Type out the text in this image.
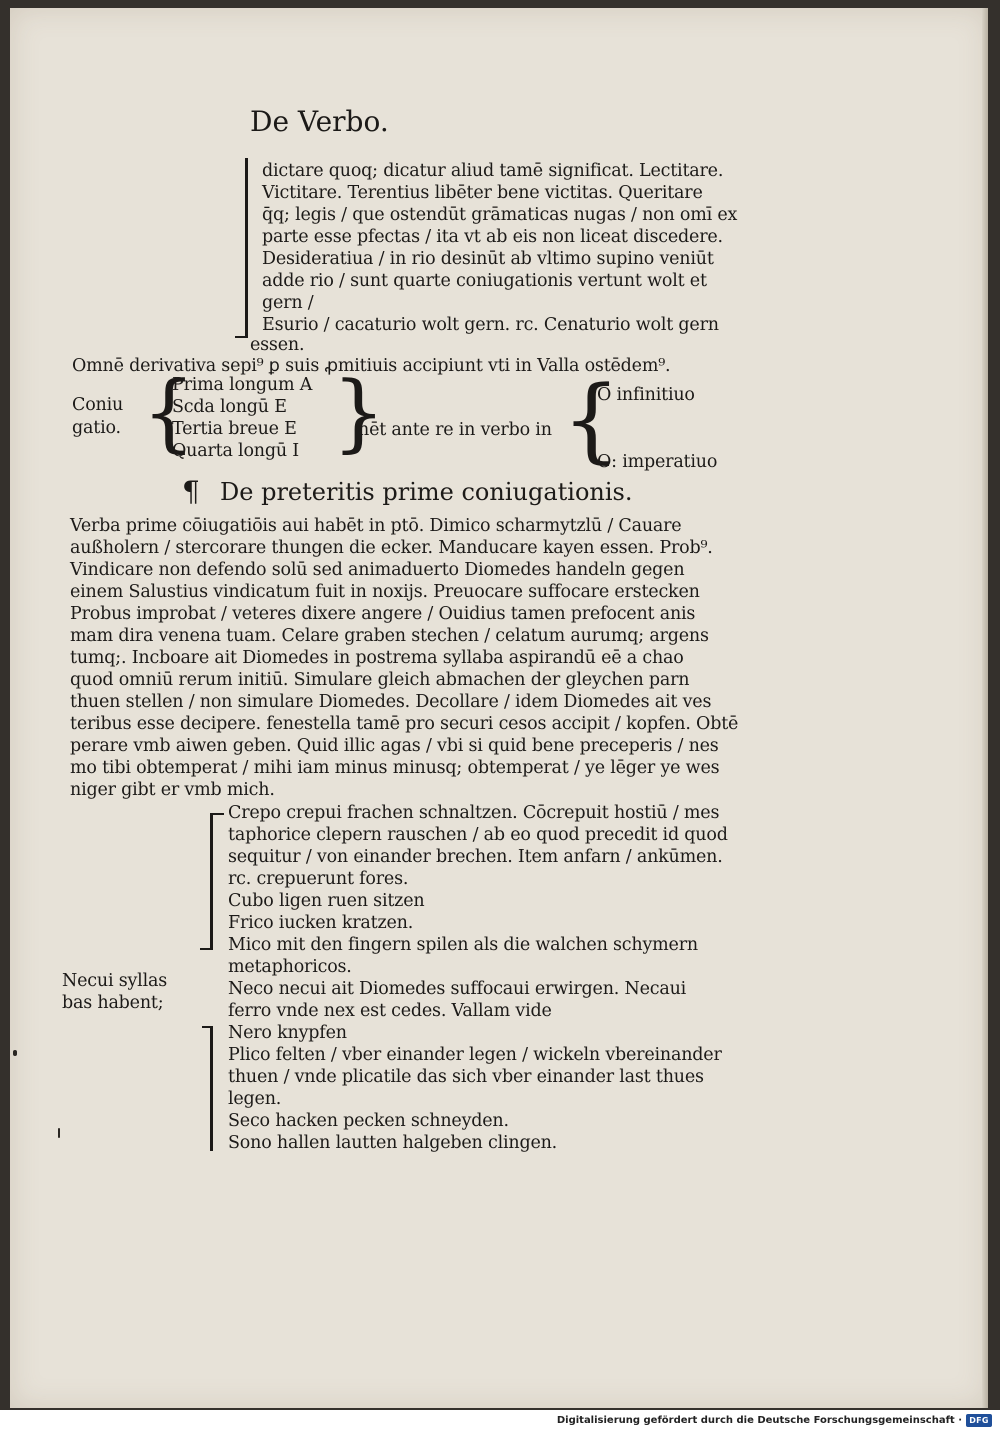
De Verbo.
dictare quoq; dicatur aliud tamē significat. Lectitare.
Victitare. Terentius libēter bene victitas. Queritare
q̄q; legis / que ostendūt grāmaticas nugas / non omī ex
parte esse pfectas / ita vt ab eis non liceat discedere.
Desideratiua / in rio desinūt ab vltimo supino veniūt
adde rio / sunt quarte coniugationis vertunt wolt et
gern /
Esurio / cacaturio wolt gern. rc. Cenaturio wolt gern
essen.
Omnē derivativa sepi⁹ ꝑ suis ꝓmitiuis accipiunt vti in Valla ostēdem⁹.
Coniu
gatio. {
Prima longum A
Scda longū E
Tertia breue E
Quarta longū I }
hēt ante re in verbo in {
O infinitiuo
O: imperatiuo
¶ De preteritis prime coniugationis.
Verba prime cōiugatiōis aui habēt in ptō. Dimico scharmytzlū / Cauare
außholern / stercorare thungen die ecker. Manducare kayen essen. Prob⁹.
Vindicare non defendo solū sed animaduerto Diomedes handeln gegen
einem Salustius vindicatum fuit in noxijs. Preuocare suffocare erstecken
Probus improbat / veteres dixere angere / Ouidius tamen prefocent anis
mam dira venena tuam. Celare graben stechen / celatum aurumq; argens
tumq;. Incboare ait Diomedes in postrema syllaba aspirandū eē a chao
quod omniū rerum initiū. Simulare gleich abmachen der gleychen parn
thuen stellen / non simulare Diomedes. Decollare / idem Diomedes ait ves
teribus esse decipere. fenestella tamē pro securi cesos accipit / kopfen. Obtē
perare vmb aiwen geben. Quid illic agas / vbi si quid bene preceperis / nes
mo tibi obtemperat / mihi iam minus minusq; obtemperat / ye lēger ye wes
niger gibt er vmb mich.
Crepo crepui frachen schnaltzen. Cōcrepuit hostiū / mes
taphorice clepern rauschen / ab eo quod precedit id quod
sequitur / von einander brechen. Item anfarn / ankūmen.
rc. crepuerunt fores.
Cubo ligen ruen sitzen
Frico iucken kratzen.
Mico mit den fingern spilen als die walchen schymern
metaphoricos.
Necui syllas
bas habent;
Neco necui ait Diomedes suffocaui erwirgen. Necaui
ferro vnde nex est cedes. Vallam vide
Nero knypfen
Plico felten / vber einander legen / wickeln vbereinander
thuen / vnde plicatile das sich vber einander last thues
legen.
Seco hacken pecken schneyden.
Sono hallen lautten halgeben clingen.
Digitalisierung gefördert durch die Deutsche Forschungsgemeinschaft · DFG
